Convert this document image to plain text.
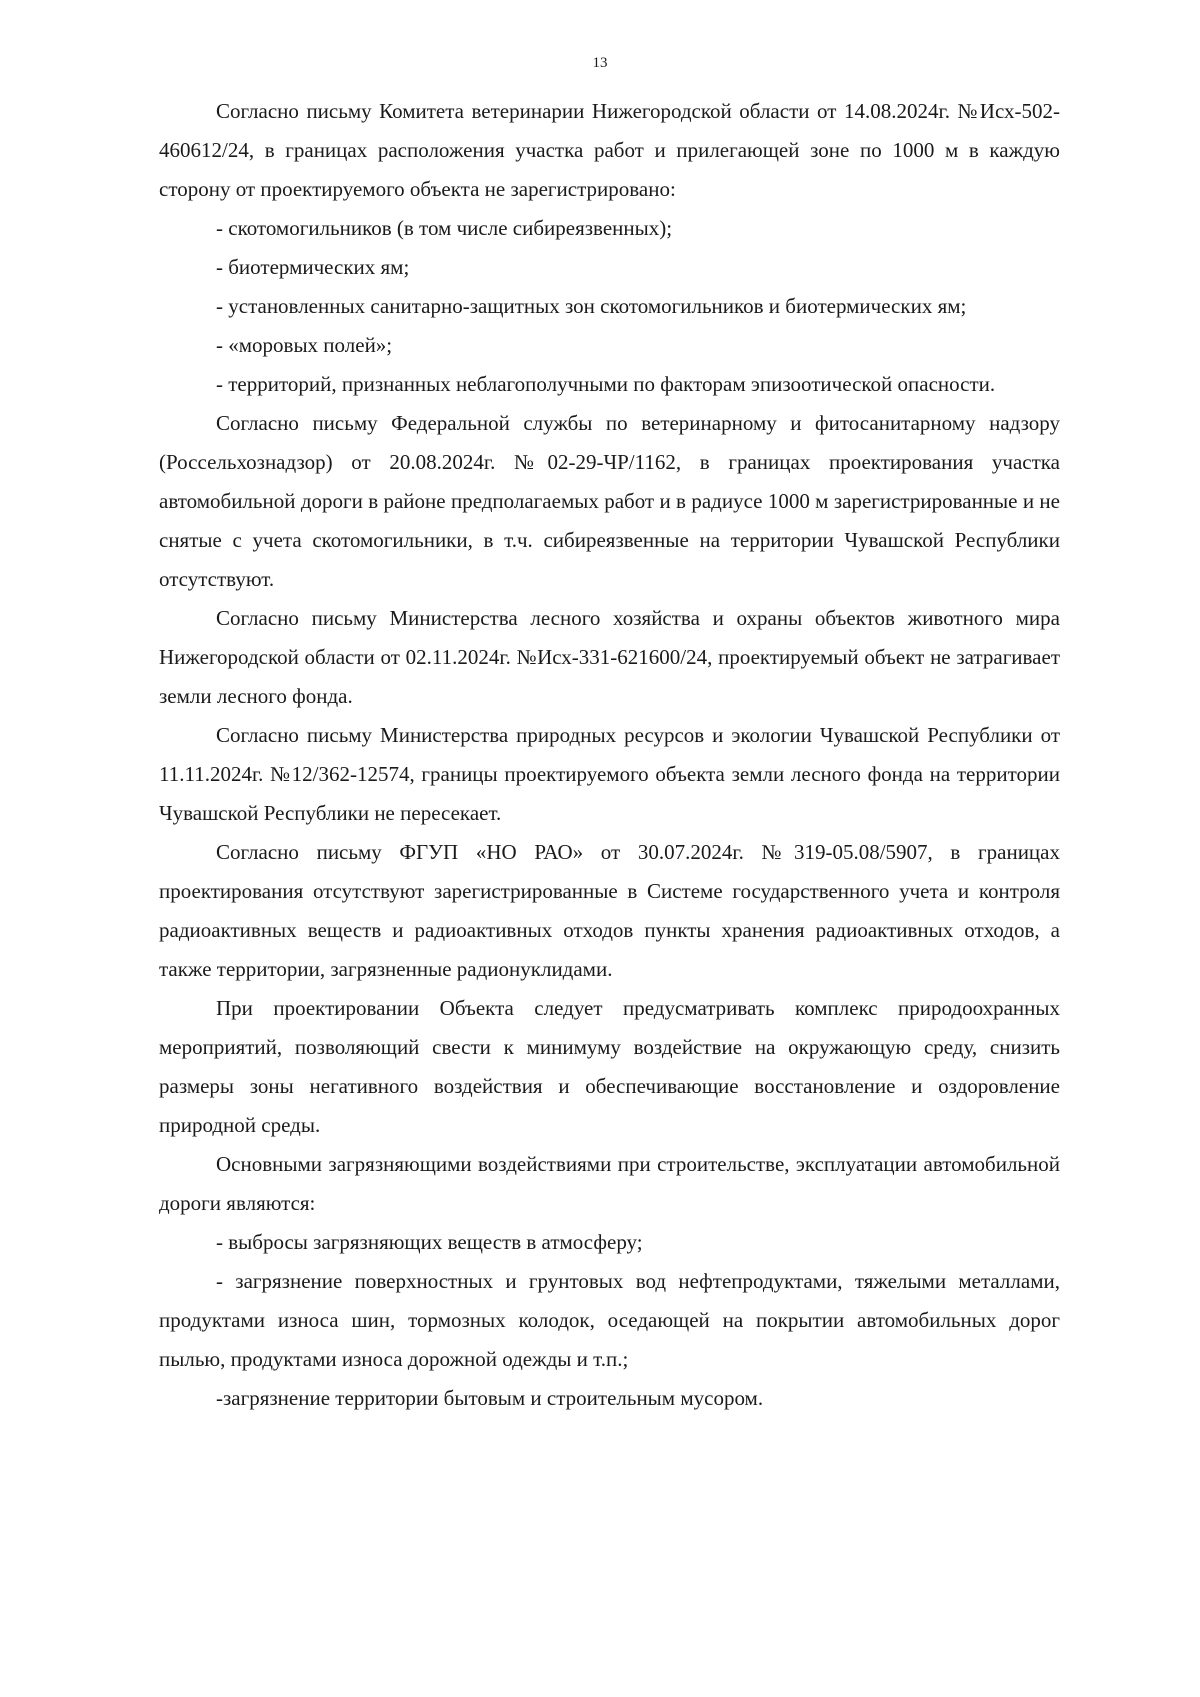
13

Согласно письму Комитета ветеринарии Нижегородской области от 14.08.2024г. №Исх-502-460612/24, в границах расположения участка работ и прилегающей зоне по 1000 м в каждую сторону от проектируемого объекта не зарегистрировано:

- скотомогильников (в том числе сибиреязвенных);

- биотермических ям;

- установленных санитарно-защитных зон скотомогильников и биотермических ям;

- «моровых полей»;

- территорий, признанных неблагополучными по факторам эпизоотической опасности.

Согласно письму Федеральной службы по ветеринарному и фитосанитарному надзору (Россельхознадзор) от 20.08.2024г. №02-29-ЧР/1162, в границах проектирования участка автомобильной дороги в районе предполагаемых работ и в радиусе 1000 м зарегистрированные и не снятые с учета скотомогильники, в т.ч. сибиреязвенные на территории Чувашской Республики отсутствуют.

Согласно письму Министерства лесного хозяйства и охраны объектов животного мира Нижегородской области от 02.11.2024г. №Исх-331-621600/24, проектируемый объект не затрагивает земли лесного фонда.

Согласно письму Министерства природных ресурсов и экологии Чувашской Республики от 11.11.2024г. №12/362-12574, границы проектируемого объекта земли лесного фонда на территории Чувашской Республики не пересекает.

Согласно письму ФГУП «НО РАО» от 30.07.2024г. №319-05.08/5907, в границах проектирования отсутствуют зарегистрированные в Системе государственного учета и контроля радиоактивных веществ и радиоактивных отходов пункты хранения радиоактивных отходов, а также территории, загрязненные радионуклидами.

При проектировании Объекта следует предусматривать комплекс природоохранных мероприятий, позволяющий свести к минимуму воздействие на окружающую среду, снизить размеры зоны негативного воздействия и обеспечивающие восстановление и оздоровление природной среды.

Основными загрязняющими воздействиями при строительстве, эксплуатации автомобильной дороги являются:

- выбросы загрязняющих веществ в атмосферу;

- загрязнение поверхностных и грунтовых вод нефтепродуктами, тяжелыми металлами, продуктами износа шин, тормозных колодок, оседающей на покрытии автомобильных дорог пылью, продуктами износа дорожной одежды и т.п.;

-загрязнение территории бытовым и строительным мусором.
